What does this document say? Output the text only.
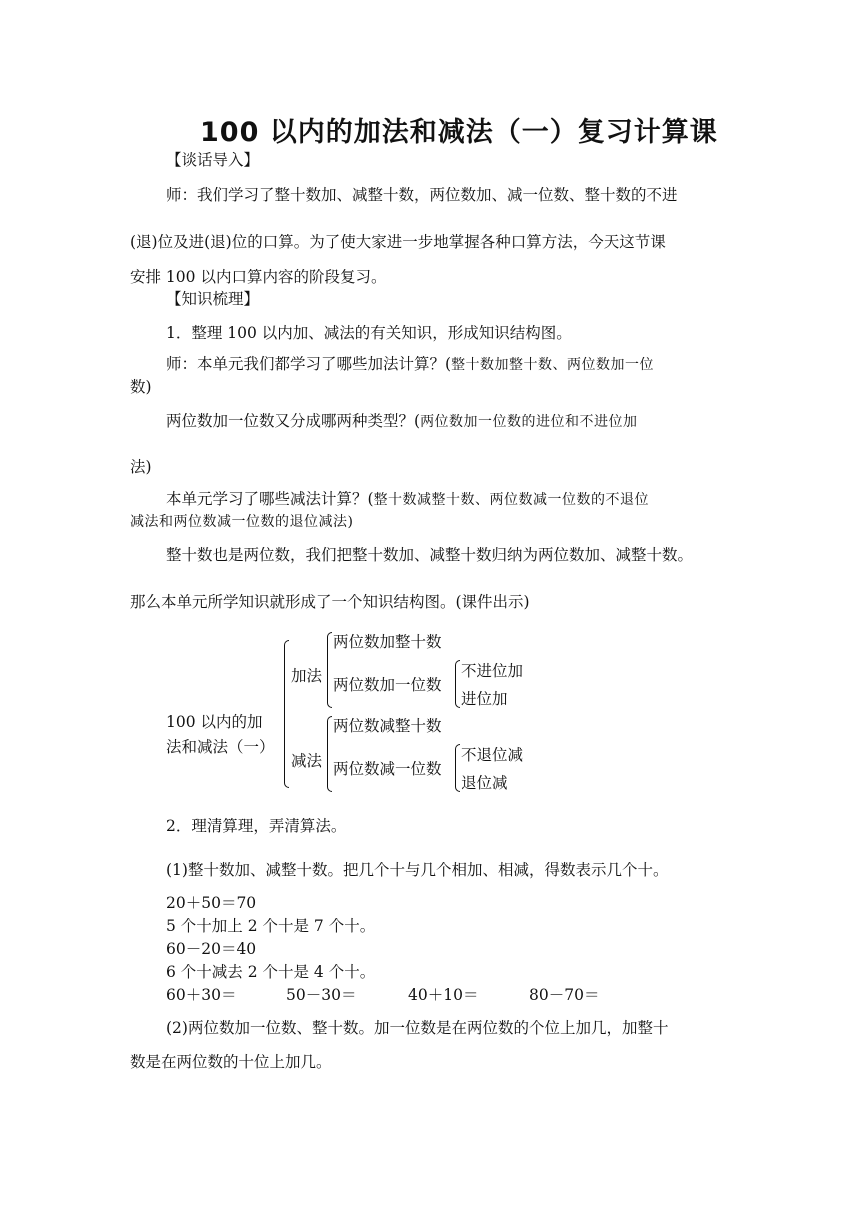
100 以内的加法和减法（一）复习计算课
【谈话导入】
师：我们学习了整十数加、减整十数，两位数加、减一位数、整十数的不进
(退)位及进(退)位的口算。为了使大家进一步地掌握各种口算方法，今天这节课
安排 100 以内口算内容的阶段复习。
【知识梳理】
1．整理 100 以内加、减法的有关知识，形成知识结构图。
师：本单元我们都学习了哪些加法计算？(整十数加整十数、两位数加一位
数)
两位数加一位数又分成哪两种类型？(两位数加一位数的进位和不进位加
法)
本单元学习了哪些减法计算？(整十数减整十数、两位数减一位数的不退位
减法和两位数减一位数的退位减法)
整十数也是两位数，我们把整十数加、减整十数归纳为两位数加、减整十数。
那么本单元所学知识就形成了一个知识结构图。(课件出示)
100 以内的加
法和减法（一）
加法
两位数加整十数
两位数加一位数
不进位加
进位加
减法
两位数减整十数
两位数减一位数
不退位减
退位减
2．理清算理，弄清算法。
(1)整十数加、减整十数。把几个十与几个相加、相减，得数表示几个十。
20＋50＝70
5 个十加上 2 个十是 7 个十。
60－20＝40
6 个十减去 2 个十是 4 个十。
60＋30＝	50－30＝	40＋10＝	80－70＝
(2)两位数加一位数、整十数。加一位数是在两位数的个位上加几，加整十
数是在两位数的十位上加几。
